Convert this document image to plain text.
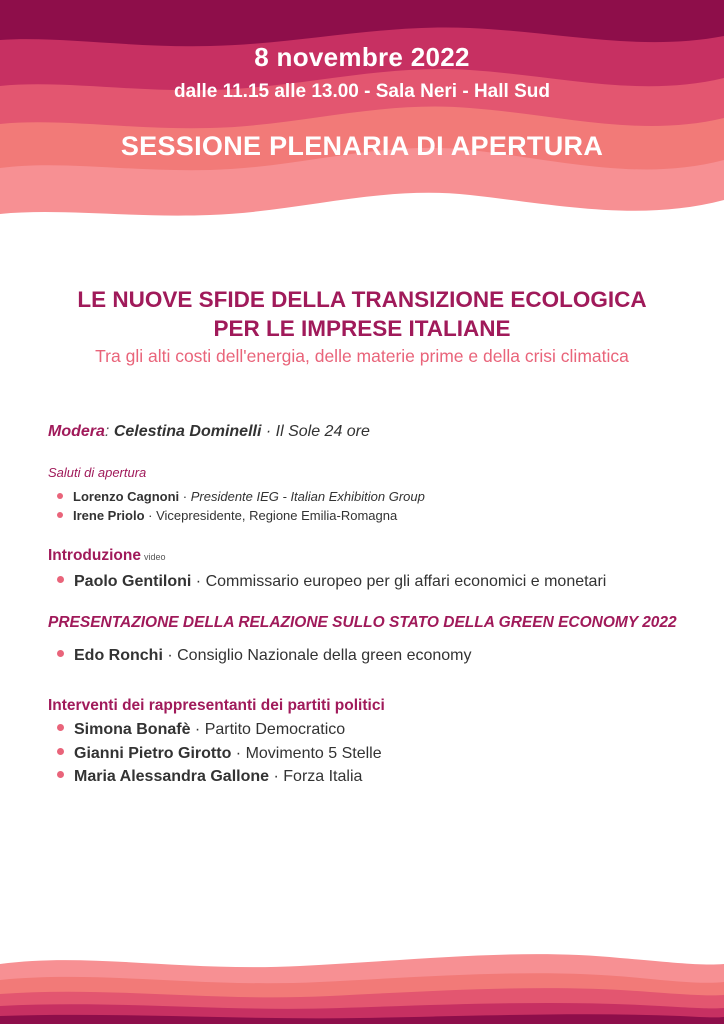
8 novembre 2022
dalle 11.15 alle 13.00 - Sala Neri - Hall Sud
SESSIONE PLENARIA DI APERTURA
LE NUOVE SFIDE DELLA TRANSIZIONE ECOLOGICA
PER LE IMPRESE ITALIANE
Tra gli alti costi dell'energia, delle materie prime e della crisi climatica
Modera: Celestina Dominelli · Il Sole 24 ore
Saluti di apertura
Lorenzo Cagnoni · Presidente IEG - Italian Exhibition Group
Irene Priolo · Vicepresidente, Regione Emilia-Romagna
Introduzione video
Paolo Gentiloni · Commissario europeo per gli affari economici e monetari
PRESENTAZIONE DELLA RELAZIONE SULLO STATO DELLA GREEN ECONOMY 2022
Edo Ronchi · Consiglio Nazionale della green economy
Interventi dei rappresentanti dei partiti politici
Simona Bonafè · Partito Democratico
Gianni Pietro Girotto · Movimento 5 Stelle
Maria Alessandra Gallone · Forza Italia
